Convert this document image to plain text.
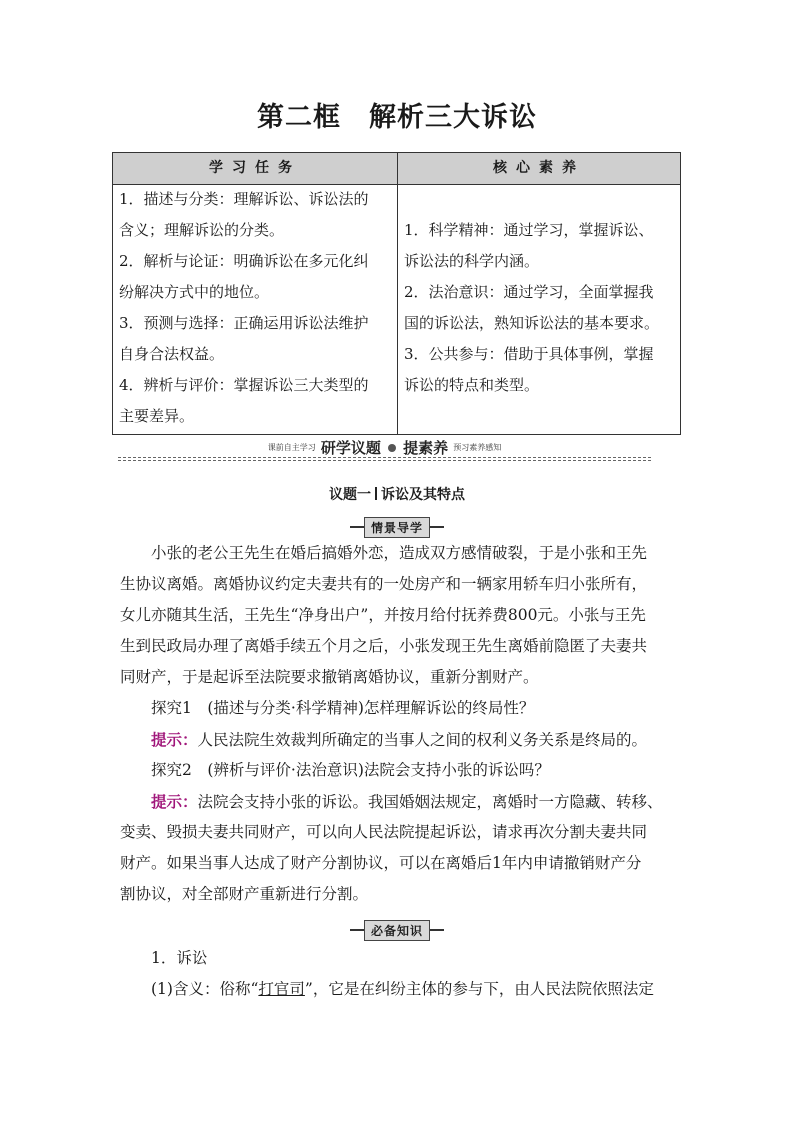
第二框　解析三大诉讼
学习任务	核心素养
1．描述与分类：理解诉讼、诉讼法的
含义；理解诉讼的分类。
2．解析与论证：明确诉讼在多元化纠
纷解决方式中的地位。
3．预测与选择：正确运用诉讼法维护
自身合法权益。
4．辨析与评价：掌握诉讼三大类型的
主要差异。
1．科学精神：通过学习，掌握诉讼、
诉讼法的科学内涵。
2．法治意识：通过学习，全面掌握我
国的诉讼法，熟知诉讼法的基本要求。
3．公共参与：借助于具体事例，掌握
诉讼的特点和类型。
课前自主学习 研学议题 提素养 预习素养感知
议题一 诉讼及其特点
情景导学
　　小张的老公王先生在婚后搞婚外恋，造成双方感情破裂，于是小张和王先
生协议离婚。离婚协议约定夫妻共有的一处房产和一辆家用轿车归小张所有，
女儿亦随其生活，王先生“净身出户”，并按月给付抚养费800元。小张与王先
生到民政局办理了离婚手续五个月之后，小张发现王先生离婚前隐匿了夫妻共
同财产，于是起诉至法院要求撤销离婚协议，重新分割财产。
　　探究1　(描述与分类·科学精神)怎样理解诉讼的终局性？
　　提示：人民法院生效裁判所确定的当事人之间的权利义务关系是终局的。
　　探究2　(辨析与评价·法治意识)法院会支持小张的诉讼吗？
　　提示：法院会支持小张的诉讼。我国婚姻法规定，离婚时一方隐藏、转移、
变卖、毁损夫妻共同财产，可以向人民法院提起诉讼，请求再次分割夫妻共同
财产。如果当事人达成了财产分割协议，可以在离婚后1年内申请撤销财产分
割协议，对全部财产重新进行分割。
必备知识
　　1．诉讼
　　(1)含义：俗称“打官司”，它是在纠纷主体的参与下，由人民法院依照法定
